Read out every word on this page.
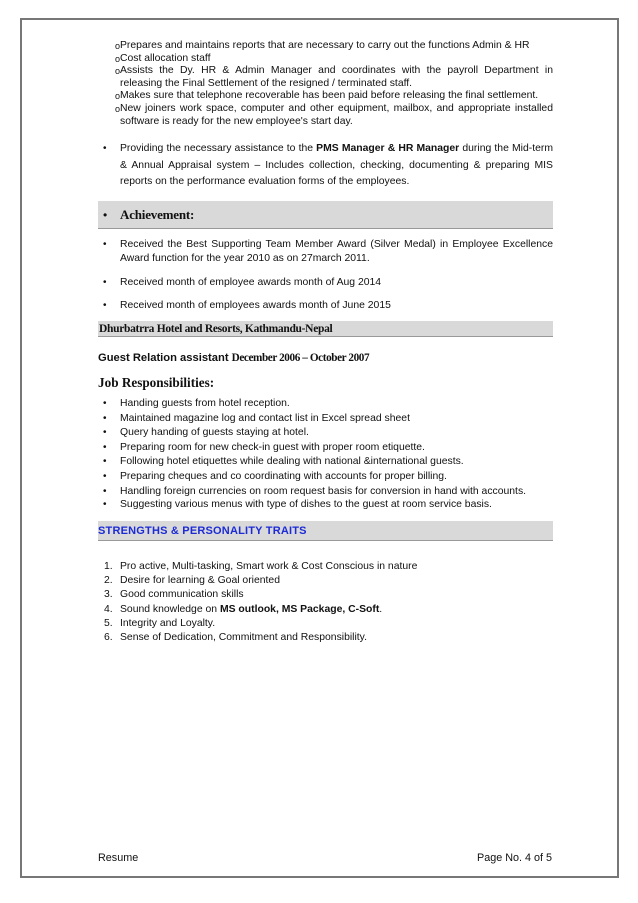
o Prepares and maintains reports that are necessary to carry out the functions Admin & HR
o Cost allocation staff
o Assists the Dy. HR & Admin Manager and coordinates with the payroll Department in releasing the Final Settlement of the resigned / terminated staff.
o Makes sure that telephone recoverable has been paid before releasing the final settlement.
o New joiners work space, computer and other equipment, mailbox, and appropriate installed software is ready for the new employee's start day.
• Providing the necessary assistance to the PMS Manager & HR Manager during the Mid-term & Annual Appraisal system – Includes collection, checking, documenting & preparing MIS reports on the performance evaluation forms of the employees.
• Achievement:
• Received the Best Supporting Team Member Award (Silver Medal) in Employee Excellence Award function for the year 2010 as on 27march 2011.
• Received month of employee awards month of Aug 2014
• Received month of employees awards month of June 2015
Dhurbatrra Hotel and Resorts, Kathmandu-Nepal
Guest Relation assistant December 2006 – October 2007
Job Responsibilities:
• Handing guests from hotel reception.
• Maintained magazine log and contact list in Excel spread sheet
• Query handing of guests staying at hotel.
• Preparing room for new check-in guest with proper room etiquette.
• Following hotel etiquettes while dealing with national &international guests.
• Preparing cheques and co coordinating with accounts for proper billing.
• Handling foreign currencies on room request basis for conversion in hand with accounts.
• Suggesting various menus with type of dishes to the guest at room service basis.
STRENGTHS & PERSONALITY TRAITS
1. Pro active, Multi-tasking, Smart work & Cost Conscious in nature
2. Desire for learning & Goal oriented
3. Good communication skills
4. Sound knowledge on MS outlook, MS Package, C-Soft.
5. Integrity and Loyalty.
6. Sense of Dedication, Commitment and Responsibility.
Resume	Page No. 4 of 5
